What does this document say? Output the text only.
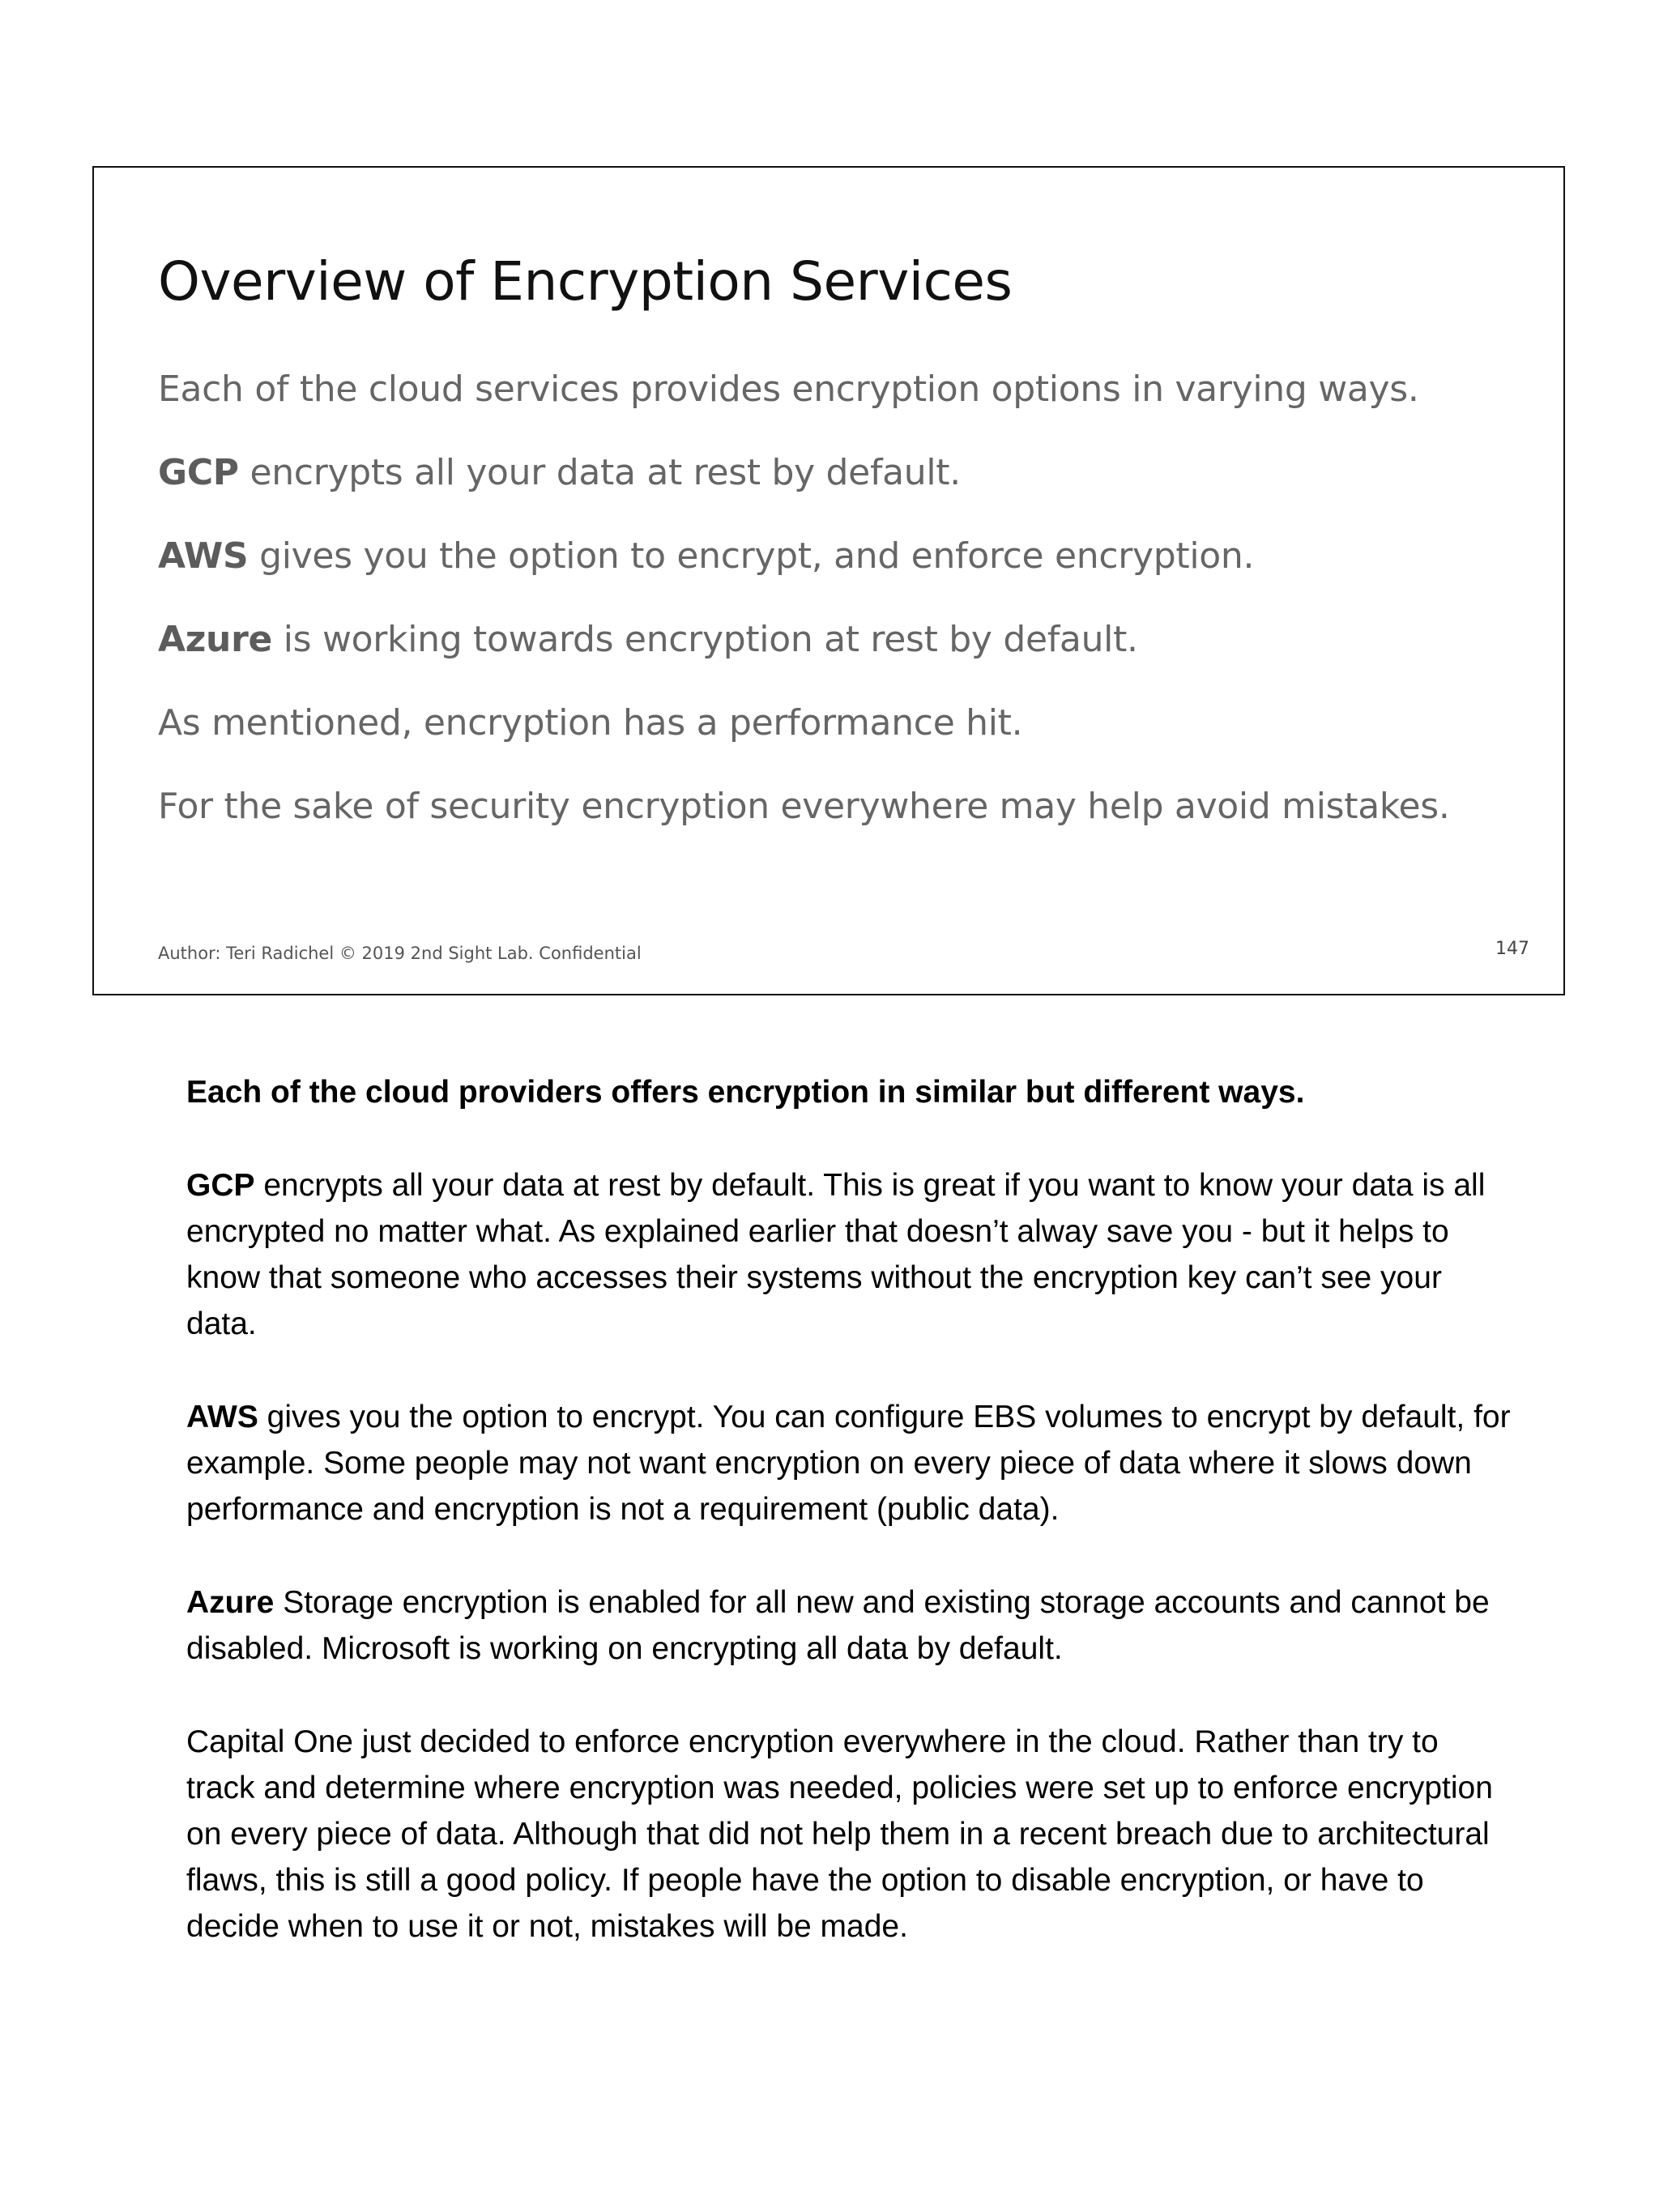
Overview of Encryption Services
Each of the cloud services provides encryption options in varying ways.
GCP encrypts all your data at rest by default.
AWS gives you the option to encrypt, and enforce encryption.
Azure is working towards encryption at rest by default.
As mentioned, encryption has a performance hit.
For the sake of security encryption everywhere may help avoid mistakes.
Author: Teri Radichel © 2019 2nd Sight Lab. Confidential	147

Each of the cloud providers offers encryption in similar but different ways.

GCP encrypts all your data at rest by default. This is great if you want to know your data is all encrypted no matter what. As explained earlier that doesn’t alway save you - but it helps to know that someone who accesses their systems without the encryption key can’t see your data.

AWS gives you the option to encrypt. You can configure EBS volumes to encrypt by default, for example. Some people may not want encryption on every piece of data where it slows down performance and encryption is not a requirement (public data).

Azure Storage encryption is enabled for all new and existing storage accounts and cannot be disabled. Microsoft is working on encrypting all data by default.

Capital One just decided to enforce encryption everywhere in the cloud. Rather than try to track and determine where encryption was needed, policies were set up to enforce encryption on every piece of data. Although that did not help them in a recent breach due to architectural flaws, this is still a good policy. If people have the option to disable encryption, or have to decide when to use it or not, mistakes will be made.
